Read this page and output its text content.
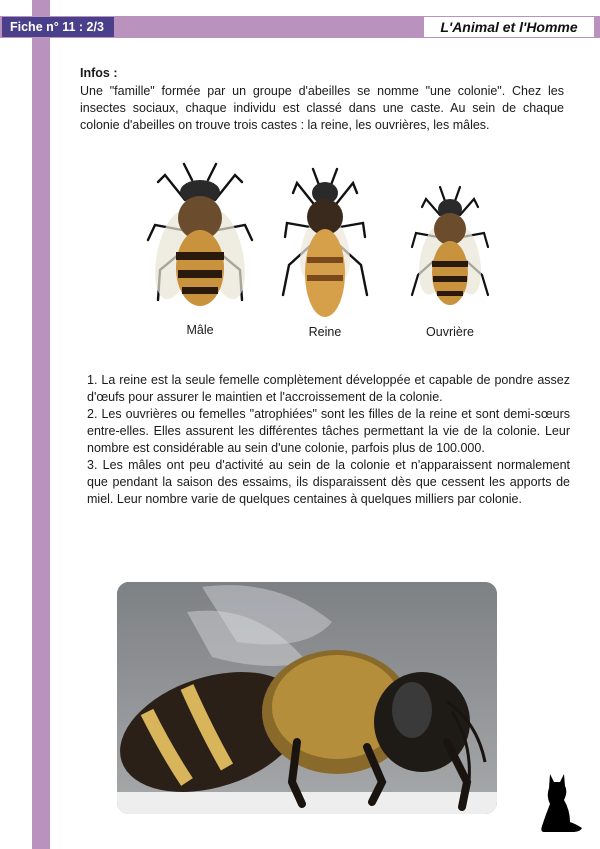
Fiche n° 11 : 2/3	L'Animal et l'Homme
Infos :
Une "famille" formée par un groupe d'abeilles se nomme "une colonie". Chez les insectes sociaux, chaque individu est classé dans une caste. Au sein de chaque colonie d'abeilles on trouve trois castes : la reine, les ouvrières, les mâles.
Mâle	Reine	Ouvrière

1. La reine est la seule femelle complètement développée et capable de pondre assez d'œufs pour assurer le maintien et l'accroissement de la colonie.

2. Les ouvrières ou femelles "atrophiées" sont les filles de la reine et sont demi-sœurs entre-elles. Elles assurent les différentes tâches permettant la vie de la colonie. Leur nombre est considérable au sein d'une colonie, parfois plus de 100.000.

3. Les mâles ont peu d'activité au sein de la colonie et n'apparaissent normalement que pendant la saison des essaims, ils disparaissent dès que cessent les apports de miel. Leur nombre varie de quelques centaines à quelques milliers par colonie.
